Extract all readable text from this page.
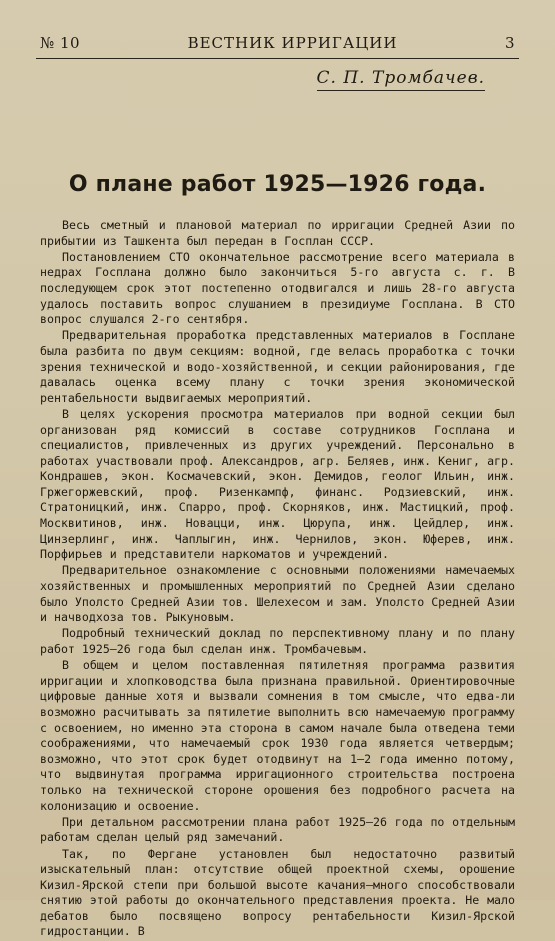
№ 10	ВЕСТНИК ИРРИГАЦИИ	3
С. П. Тромбачев.
О плане работ 1925—1926 года.

Весь сметный и плановой материал по ирригации Средней Азии по прибытии из Ташкента был передан в Госплан СССР.

Постановлением СТО окончательное рассмотрение всего материала в недрах Госплана должно было закончиться 5-го августа с. г. В последующем срок этот постепенно отодвигался и лишь 28-го августа удалось поставить вопрос слушанием в президиуме Госплана. В СТО вопрос слушался 2-го сентября.

Предварительная проработка представленных материалов в Госплане была разбита по двум секциям: водной, где велась проработка с точки зрения технической и водо-хозяйственной, и секции районирования, где давалась оценка всему плану с точки зрения экономической рентабельности выдвигаемых мероприятий.

В целях ускорения просмотра материалов при водной секции был организован ряд комиссий в составе сотрудников Госплана и специалистов, привлеченных из других учреждений. Персонально в работах участвовали проф. Александров, агр. Беляев, инж. Кениг, агр. Кондрашев, экон. Космачевский, экон. Демидов, геолог Ильин, инж. Гржегоржевский, проф. Ризенкампф, финанс. Родзиевский, инж. Стратоницкий, инж. Спарро, проф. Скорняков, инж. Мастицкий, проф. Москвитинов, инж. Новацци, инж. Цюрупа, инж. Цейдлер, инж. Цинзерлинг, инж. Чаплыгин, инж. Чернилов, экон. Юферев, инж. Порфирьев и представители наркоматов и учреждений.

Предварительное ознакомление с основными положениями намечаемых хозяйственных и промышленных мероприятий по Средней Азии сделано было Уполсто Средней Азии тов. Шелехесом и зам. Уполсто Средней Азии и начводхоза тов. Рыкуновым.

Подробный технический доклад по перспективному плану и по плану работ 1925—26 года был сделан инж. Тромбачевым.

В общем и целом поставленная пятилетняя программа развития ирригации и хлопководства была признана правильной. Ориентировочные цифровые данные хотя и вызвали сомнения в том смысле, что едва-ли возможно расчитывать за пятилетие выполнить всю намечаемую программу с освоением, но именно эта сторона в самом начале была отведена теми соображениями, что намечаемый срок 1930 года является четвердым; возможно, что этот срок будет отодвинут на 1—2 года именно потому, что выдвинутая программа ирригационного строительства построена только на технической стороне орошения без подробного расчета на колонизацию и освоение.

При детальном рассмотрении плана работ 1925—26 года по отдельным работам сделан целый ряд замечаний.

Так, по Фергане установлен был недостаточно развитый изыскательный план: отсутствие общей проектной схемы, орошение Кизил-Ярской степи при большой высоте качания—много способствовали снятию этой работы до окончательного представления проекта. Не мало дебатов было посвящено вопросу рентабельности Кизил-Ярской гидростанции. В
